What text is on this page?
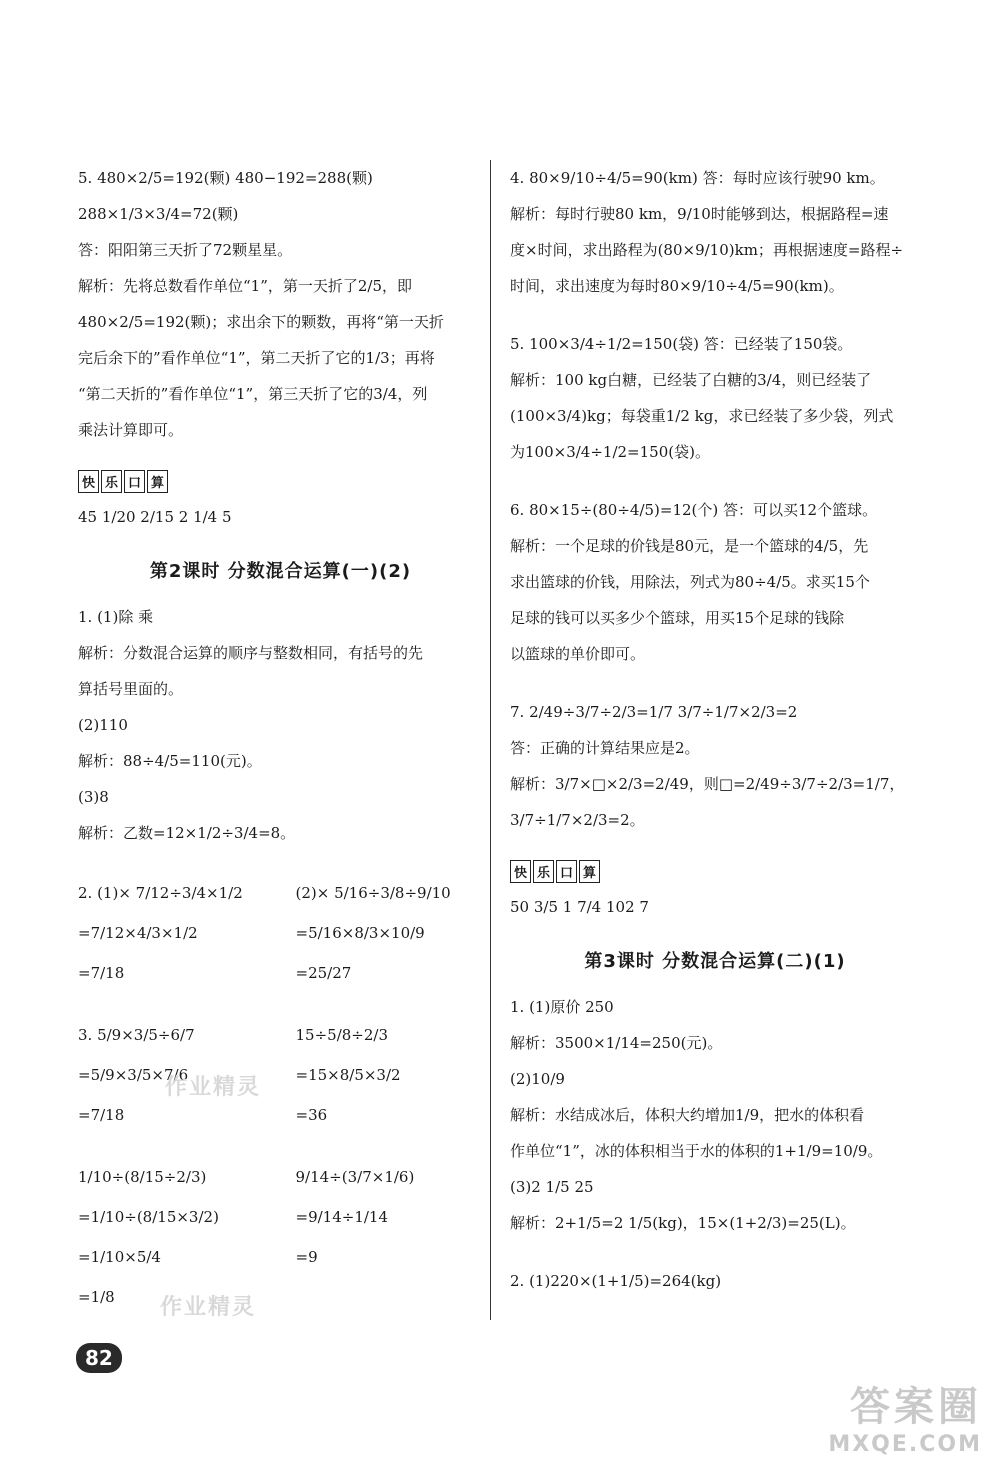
5. 480×2/5=192(颗) 480−192=288(颗)
288×1/3×3/4=72(颗)
答：阳阳第三天折了72颗星星。
解析：先将总数看作单位“1”，第一天折了2/5，即
480×2/5=192(颗)；求出余下的颗数，再将“第一天折
完后余下的”看作单位“1”，第二天折了它的1/3；再将
“第二天折的”看作单位“1”，第三天折了它的3/4，列
乘法计算即可。
快 乐 口 算
45 1/20 2/15 2 1/4 5
第2课时 分数混合运算(一)(2)
1. (1)除 乘
解析：分数混合运算的顺序与整数相同，有括号的先
算括号里面的。
(2)110
解析：88÷4/5=110(元)。
(3)8
解析：乙数=12×1/2÷3/4=8。
2. (1)× 7/12÷3/4×1/2
=7/12×4/3×1/2
=7/18
(2)× 5/16÷3/8÷9/10
=5/16×8/3×10/9
=25/27
3. 5/9×3/5÷6/7
=5/9×3/5×7/6
=7/18
15÷5/8÷2/3
=15×8/5×3/2
=36
1/10÷(8/15÷2/3)
=1/10÷(8/15×3/2)
=1/10×5/4
=1/8
9/14÷(3/7×1/6)
=9/14÷1/14
=9
4. 80×9/10÷4/5=90(km) 答：每时应该行驶90 km。
解析：每时行驶80 km，9/10时能够到达，根据路程=速
度×时间，求出路程为(80×9/10)km；再根据速度=路程÷
时间，求出速度为每时80×9/10÷4/5=90(km)。
5. 100×3/4÷1/2=150(袋) 答：已经装了150袋。
解析：100 kg白糖，已经装了白糖的3/4，则已经装了
(100×3/4)kg；每袋重1/2 kg，求已经装了多少袋，列式
为100×3/4÷1/2=150(袋)。
6. 80×15÷(80÷4/5)=12(个) 答：可以买12个篮球。
解析：一个足球的价钱是80元，是一个篮球的4/5，先
求出篮球的价钱，用除法，列式为80÷4/5。求买15个
足球的钱可以买多少个篮球，用买15个足球的钱除
以篮球的单价即可。
7. 2/49÷3/7÷2/3=1/7 3/7÷1/7×2/3=2
答：正确的计算结果应是2。
解析：3/7×□×2/3=2/49，则□=2/49÷3/7÷2/3=1/7，
3/7÷1/7×2/3=2。
快 乐 口 算
50 3/5 1 7/4 102 7
第3课时 分数混合运算(二)(1)
1. (1)原价 250
解析：3500×1/14=250(元)。
(2)10/9
解析：水结成冰后，体积大约增加1/9，把水的体积看
作单位“1”，冰的体积相当于水的体积的1+1/9=10/9。
(3)2 1/5 25
解析：2+1/5=2 1/5(kg)，15×(1+2/3)=25(L)。
2. (1)220×(1+1/5)=264(kg)
82
作业精灵
作业精灵
答案圈
MXQE.COM
